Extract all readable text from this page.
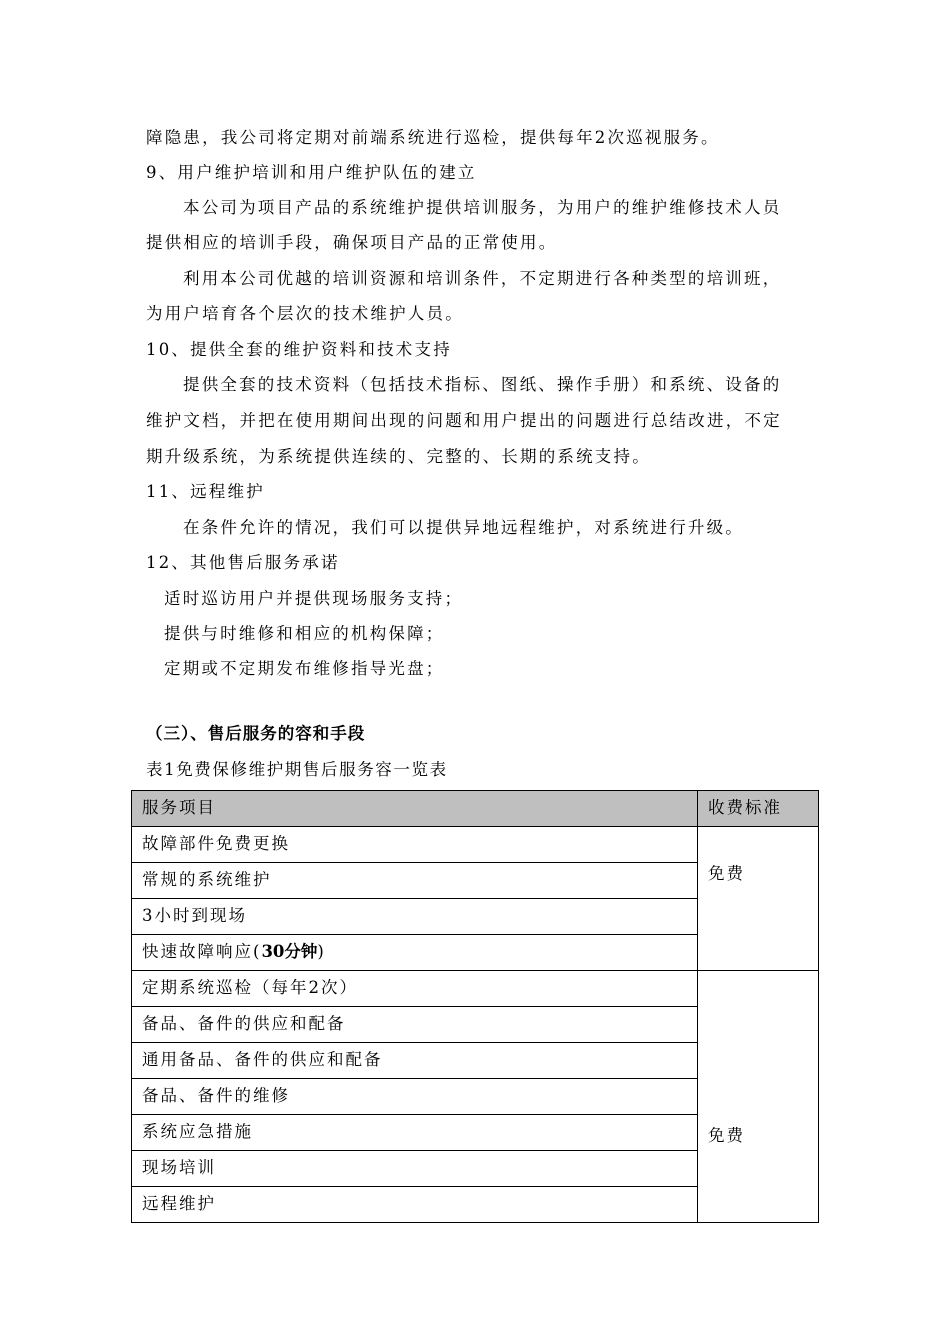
障隐患，我公司将定期对前端系统进行巡检，提供每年2次巡视服务。
9、用户维护培训和用户维护队伍的建立
本公司为项目产品的系统维护提供培训服务，为用户的维护维修技术人员
提供相应的培训手段，确保项目产品的正常使用。
利用本公司优越的培训资源和培训条件，不定期进行各种类型的培训班，
为用户培育各个层次的技术维护人员。
10、提供全套的维护资料和技术支持
提供全套的技术资料（包括技术指标、图纸、操作手册）和系统、设备的
维护文档，并把在使用期间出现的问题和用户提出的问题进行总结改进，不定
期升级系统，为系统提供连续的、完整的、长期的系统支持。
11、远程维护
在条件允许的情况，我们可以提供异地远程维护，对系统进行升级。
12、其他售后服务承诺
适时巡访用户并提供现场服务支持；
提供与时维修和相应的机构保障；
定期或不定期发布维修指导光盘；
（三）、售后服务的容和手段
表1免费保修维护期售后服务容一览表
服务项目	收费标准
故障部件免费更换	免费
常规的系统维护	
3小时到现场	
快速故障响应(30分钟)	
定期系统巡检（每年2次）	免费

备品、备件的供应和配备	
通用备品、备件的供应和配备	
备品、备件的维修	
系统应急措施	
现场培训	
远程维护	
